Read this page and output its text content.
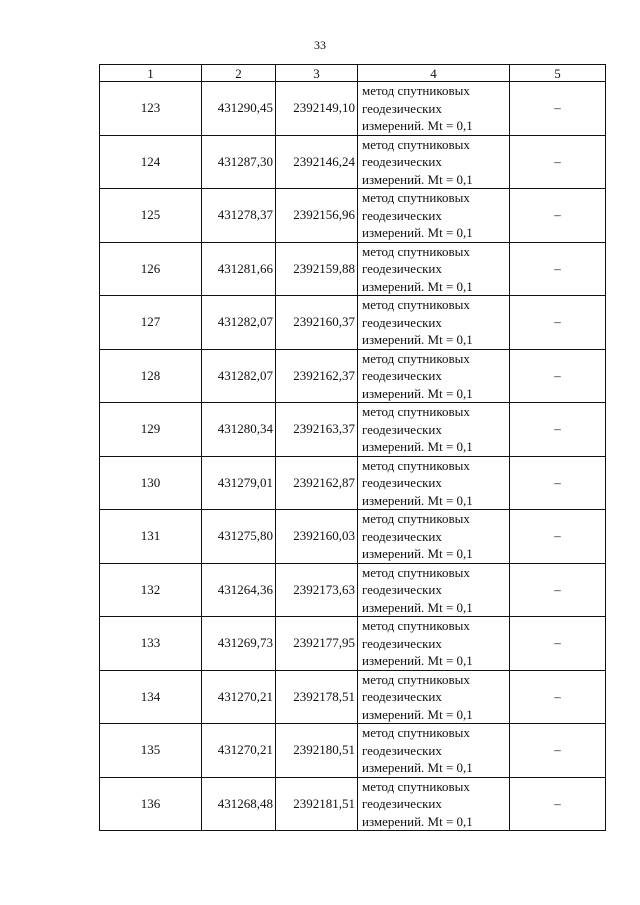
33
1	2	3	4	5
123	431290,45	2392149,10	метод спутниковых
геодезических
измерений. Mt = 0,1	–
124	431287,30	2392146,24	метод спутниковых
геодезических
измерений. Mt = 0,1	–
125	431278,37	2392156,96	метод спутниковых
геодезических
измерений. Mt = 0,1	–
126	431281,66	2392159,88	метод спутниковых
геодезических
измерений. Mt = 0,1	–
127	431282,07	2392160,37	метод спутниковых
геодезических
измерений. Mt = 0,1	–
128	431282,07	2392162,37	метод спутниковых
геодезических
измерений. Mt = 0,1	–
129	431280,34	2392163,37	метод спутниковых
геодезических
измерений. Mt = 0,1	–
130	431279,01	2392162,87	метод спутниковых
геодезических
измерений. Mt = 0,1	–
131	431275,80	2392160,03	метод спутниковых
геодезических
измерений. Mt = 0,1	–
132	431264,36	2392173,63	метод спутниковых
геодезических
измерений. Mt = 0,1	–
133	431269,73	2392177,95	метод спутниковых
геодезических
измерений. Mt = 0,1	–
134	431270,21	2392178,51	метод спутниковых
геодезических
измерений. Mt = 0,1	–
135	431270,21	2392180,51	метод спутниковых
геодезических
измерений. Mt = 0,1	–
136	431268,48	2392181,51	метод спутниковых
геодезических
измерений. Mt = 0,1	–
